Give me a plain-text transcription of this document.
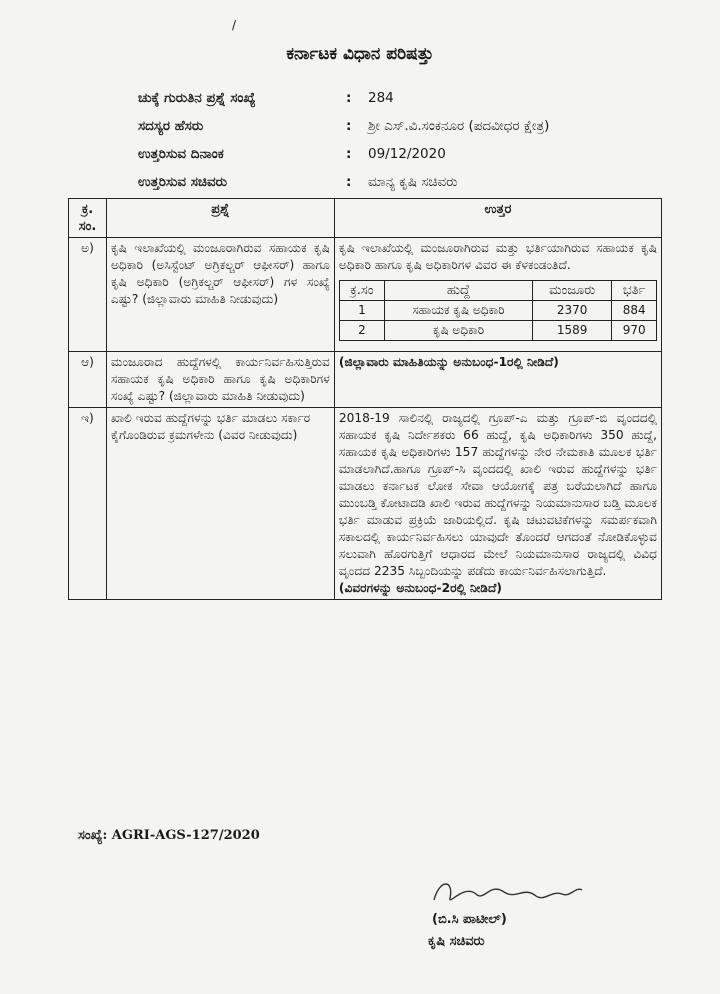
/
ಕರ್ನಾಟಕ ವಿಧಾನ ಪರಿಷತ್ತು
ಚುಕ್ಕೆ ಗುರುತಿನ ಪ್ರಶ್ನೆ ಸಂಖ್ಯೆ	: 284
ಸದಸ್ಯರ ಹೆಸರು	: ಶ್ರೀ ಎಸ್.ವಿ.ಸಂಕನೂರ (ಪದವೀಧರ ಕ್ಷೇತ್ರ)
ಉತ್ತರಿಸುವ ದಿನಾಂಕ	: 09/12/2020
ಉತ್ತರಿಸುವ ಸಚಿವರು	: ಮಾನ್ಯ ಕೃಷಿ ಸಚಿವರು
ಕ್ರ. ಸಂ.	ಪ್ರಶ್ನೆ	ಉತ್ತರ
ಅ)	ಕೃಷಿ ಇಲಾಖೆಯಲ್ಲಿ ಮಂಜೂರಾಗಿರುವ ಸಹಾಯಕ ಕೃಷಿ ಅಧಿಕಾರಿ (ಅಸಿಸ್ಟೆಂಟ್ ಅಗ್ರಿಕಲ್ಚರ್ ಆಫೀಸರ್) ಹಾಗೂ ಕೃಷಿ ಅಧಿಕಾರಿ (ಅಗ್ರಿಕಲ್ಚರ್ ಆಫೀಸರ್) ಗಳ ಸಂಖ್ಯೆ ಎಷ್ಟು? (ಜಿಲ್ಲಾವಾರು ಮಾಹಿತಿ ನೀಡುವುದು)	
ಕೃಷಿ ಇಲಾಖೆಯಲ್ಲಿ ಮಂಜೂರಾಗಿರುವ ಮತ್ತು ಭರ್ತಿಯಾಗಿರುವ ಸಹಾಯಕ ಕೃಷಿ ಅಧಿಕಾರಿ ಹಾಗೂ ಕೃಷಿ ಅಧಿಕಾರಿಗಳ ವಿವರ ಈ ಕೆಳಕಂಡಂತಿದೆ.
ಕ್ರ.ಸಂ	ಹುದ್ದೆ	ಮಂಜೂರು	ಭರ್ತಿ
1	ಸಹಾಯಕ ಕೃಷಿ ಅಧಿಕಾರಿ	2370	884
2	ಕೃಷಿ ಅಧಿಕಾರಿ	1589	970

ಆ)	ಮಂಜೂರಾದ ಹುದ್ದೆಗಳಲ್ಲಿ ಕಾರ್ಯನಿರ್ವಹಿಸುತ್ತಿರುವ ಸಹಾಯಕ ಕೃಷಿ ಅಧಿಕಾರಿ ಹಾಗೂ ಕೃಷಿ ಅಧಿಕಾರಿಗಳ ಸಂಖ್ಯೆ ಎಷ್ಟು? (ಜಿಲ್ಲಾವಾರು ಮಾಹಿತಿ ನೀಡುವುದು)	(ಜಿಲ್ಲಾವಾರು ಮಾಹಿತಿಯನ್ನು ಅನುಬಂಧ-1ರಲ್ಲಿ ನೀಡಿದೆ)
ಇ)	ಖಾಲಿ ಇರುವ ಹುದ್ದೆಗಳನ್ನು ಭರ್ತಿ ಮಾಡಲು ಸರ್ಕಾರ ಕೈಗೊಂಡಿರುವ ಕ್ರಮಗಳೇನು (ವಿವರ ನೀಡುವುದು)	
2018-19 ಸಾಲಿನಲ್ಲಿ ರಾಜ್ಯದಲ್ಲಿ ಗ್ರೂಪ್-ಎ ಮತ್ತು ಗ್ರೂಪ್-ಬಿ ವೃಂದದಲ್ಲಿ ಸಹಾಯಕ ಕೃಷಿ ನಿರ್ದೇಶಕರು 66 ಹುದ್ದೆ, ಕೃಷಿ ಅಧಿಕಾರಿಗಳು 350 ಹುದ್ದೆ, ಸಹಾಯಕ ಕೃಷಿ ಅಧಿಕಾರಿಗಳು 157 ಹುದ್ದೆಗಳನ್ನು ನೇರ ನೇಮಕಾತಿ ಮೂಲಕ ಭರ್ತಿ ಮಾಡಲಾಗಿದೆ.ಹಾಗೂ ಗ್ರೂಪ್-ಸಿ ವೃಂದದಲ್ಲಿ ಖಾಲಿ ಇರುವ ಹುದ್ದೆಗಳನ್ನು ಭರ್ತಿ ಮಾಡಲು ಕರ್ನಾಟಕ ಲೋಕ ಸೇವಾ ಆಯೋಗಕ್ಕೆ ಪತ್ರ ಬರೆಯಲಾಗಿದೆ ಹಾಗೂ ಮುಂಬಡ್ತಿ ಕೋಟಾದಡಿ ಖಾಲಿ ಇರುವ ಹುದ್ದೆಗಳನ್ನು ನಿಯಮಾನುಸಾರ ಬಡ್ತಿ ಮೂಲಕ ಭರ್ತಿ ಮಾಡುವ ಪ್ರಕ್ರಿಯೆ ಜಾರಿಯಲ್ಲಿದೆ. ಕೃಷಿ ಚಟುವಟಿಕೆಗಳನ್ನು ಸಮರ್ಪಕವಾಗಿ ಸಕಾಲದಲ್ಲಿ ಕಾರ್ಯನಿರ್ವಹಿಸಲು ಯಾವುದೇ ತೊಂದರೆ ಆಗದಂತೆ ನೋಡಿಕೊಳ್ಳುವ ಸಲುವಾಗಿ ಹೊರಗುತ್ತಿಗೆ ಆಧಾರದ ಮೇಲೆ ನಿಯಮಾನುಸಾರ ರಾಜ್ಯದಲ್ಲಿ ವಿವಿಧ ವೃಂದದ 2235 ಸಿಬ್ಬಂದಿಯನ್ನು ಪಡೆದು ಕಾರ್ಯನಿರ್ವಹಿಸಲಾಗುತ್ತಿದೆ.
(ವಿವರಗಳನ್ನು ಅನುಬಂಧ-2ರಲ್ಲಿ ನೀಡಿದೆ)
ಸಂಖ್ಯೆ: AGRI-AGS-127/2020
(ಬಿ.ಸಿ ಪಾಟೀಲ್)
ಕೃಷಿ ಸಚಿವರು
